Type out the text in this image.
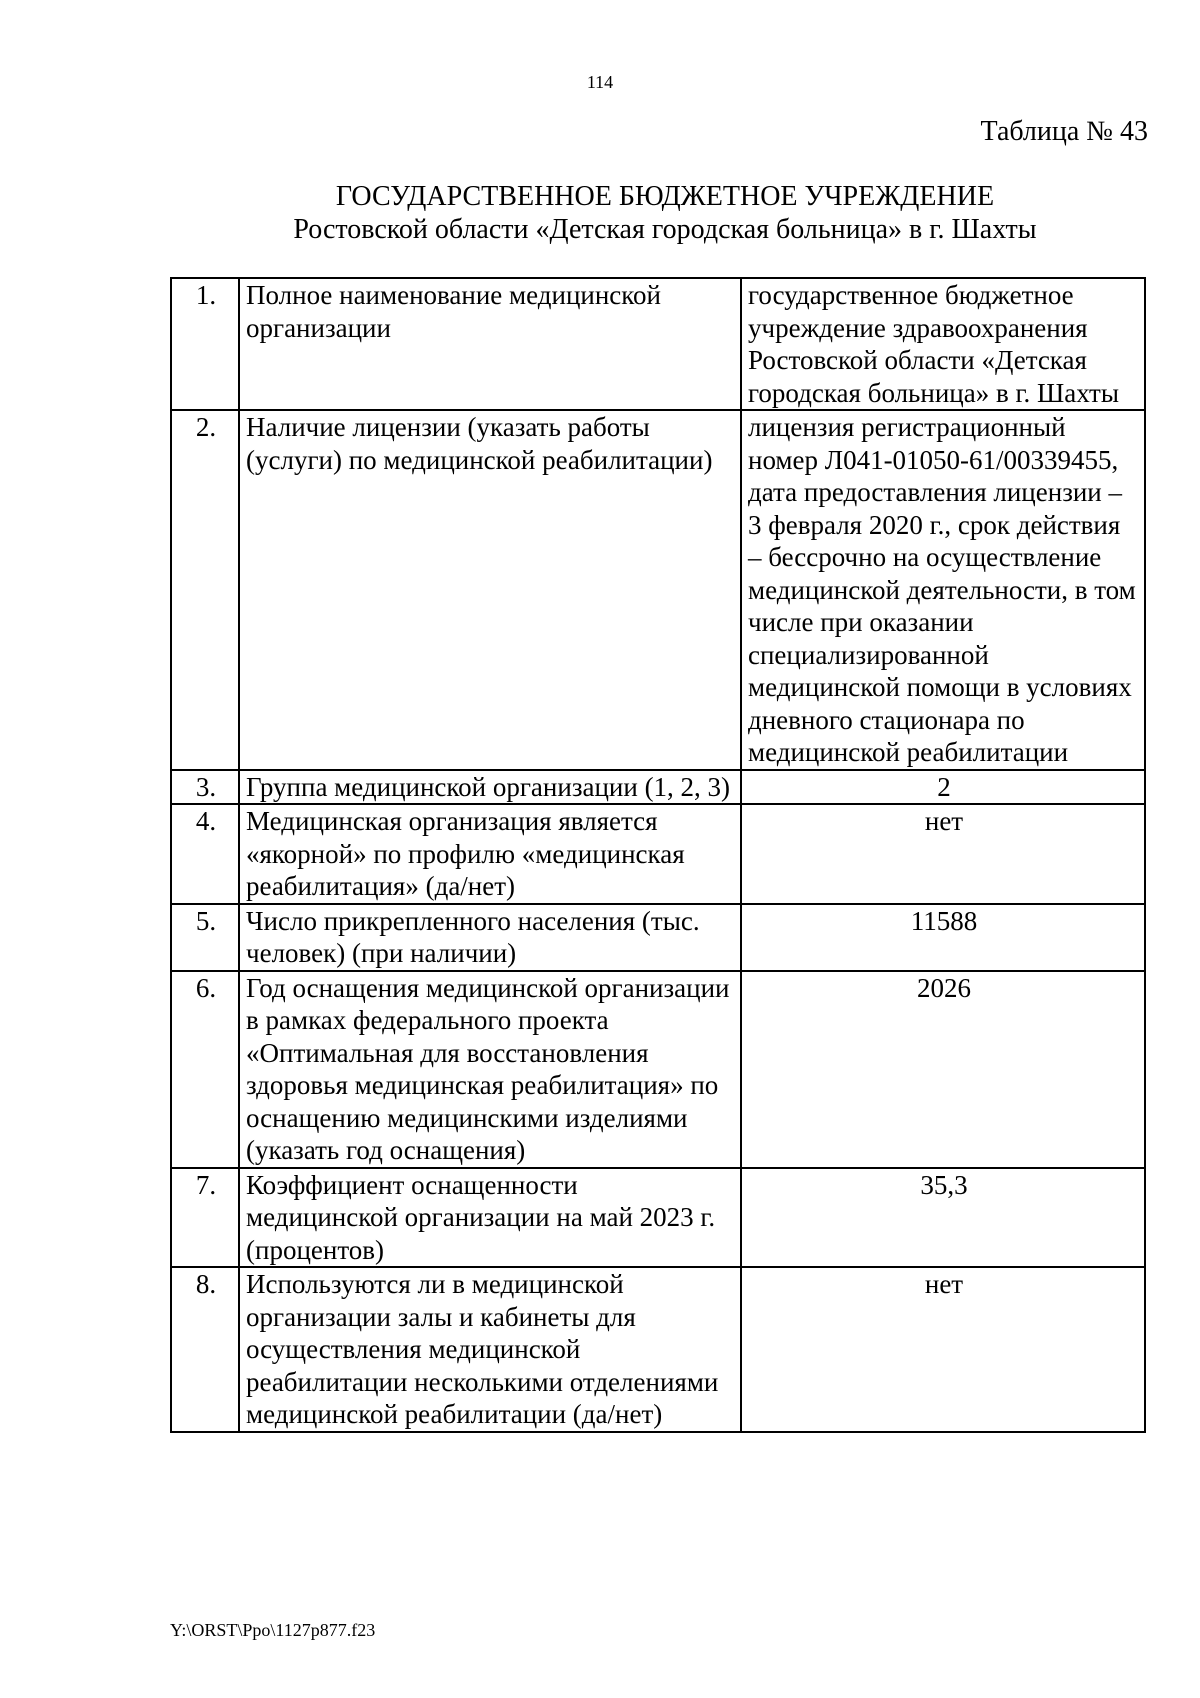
114
Таблица № 43
ГОСУДАРСТВЕННОЕ БЮДЖЕТНОЕ УЧРЕЖДЕНИЕ
Ростовской области «Детская городская больница» в г. Шахты
1.	Полное наименование медицинской организации	государственное бюджетное учреждение здравоохранения Ростовской области «Детская городская больница» в г. Шахты
2.	Наличие лицензии (указать работы (услуги) по медицинской реабилитации)	лицензия регистрационный номер Л041-01050-61/00339455, дата предоставления лицензии – 3 февраля 2020 г., срок действия – бессрочно на осуществление медицинской деятельности, в том числе при оказании специализированной медицинской помощи в условиях дневного стационара по медицинской реабилитации
3.	Группа медицинской организации (1, 2, 3)	2
4.	Медицинская организация является «якорной» по профилю «медицинская реабилитация» (да/нет)	нет
5.	Число прикрепленного населения (тыс. человек) (при наличии)	11588
6.	Год оснащения медицинской организации в рамках федерального проекта «Оптимальная для восстановления здоровья медицинская реабилитация» по оснащению медицинскими изделиями (указать год оснащения)	2026
7.	Коэффициент оснащенности медицинской организации на май 2023 г. (процентов)	35,3
8.	Используются ли в медицинской организации залы и кабинеты для осуществления медицинской реабилитации несколькими отделениями медицинской реабилитации (да/нет)	нет
Y:\ORST\Ppo\1127p877.f23
